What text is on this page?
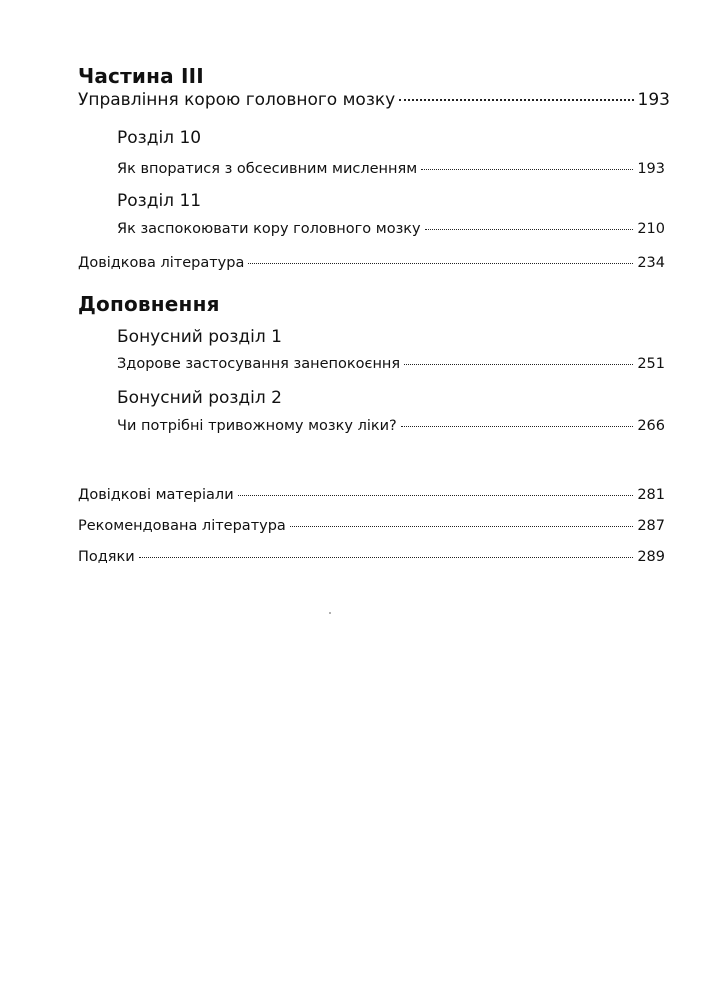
Частина ІІІ
Управління корою головного мозку	193
Розділ 10
Як впоратися з обсесивним мисленням	193
Розділ 11
Як заспокоювати кору головного мозку	210
Довідкова література	234
Доповнення
Бонусний розділ 1
Здорове застосування занепокоєння	251
Бонусний розділ 2
Чи потрібні тривожному мозку ліки?	266
Довідкові матеріали	281
Рекомендована література	287
Подяки	289
